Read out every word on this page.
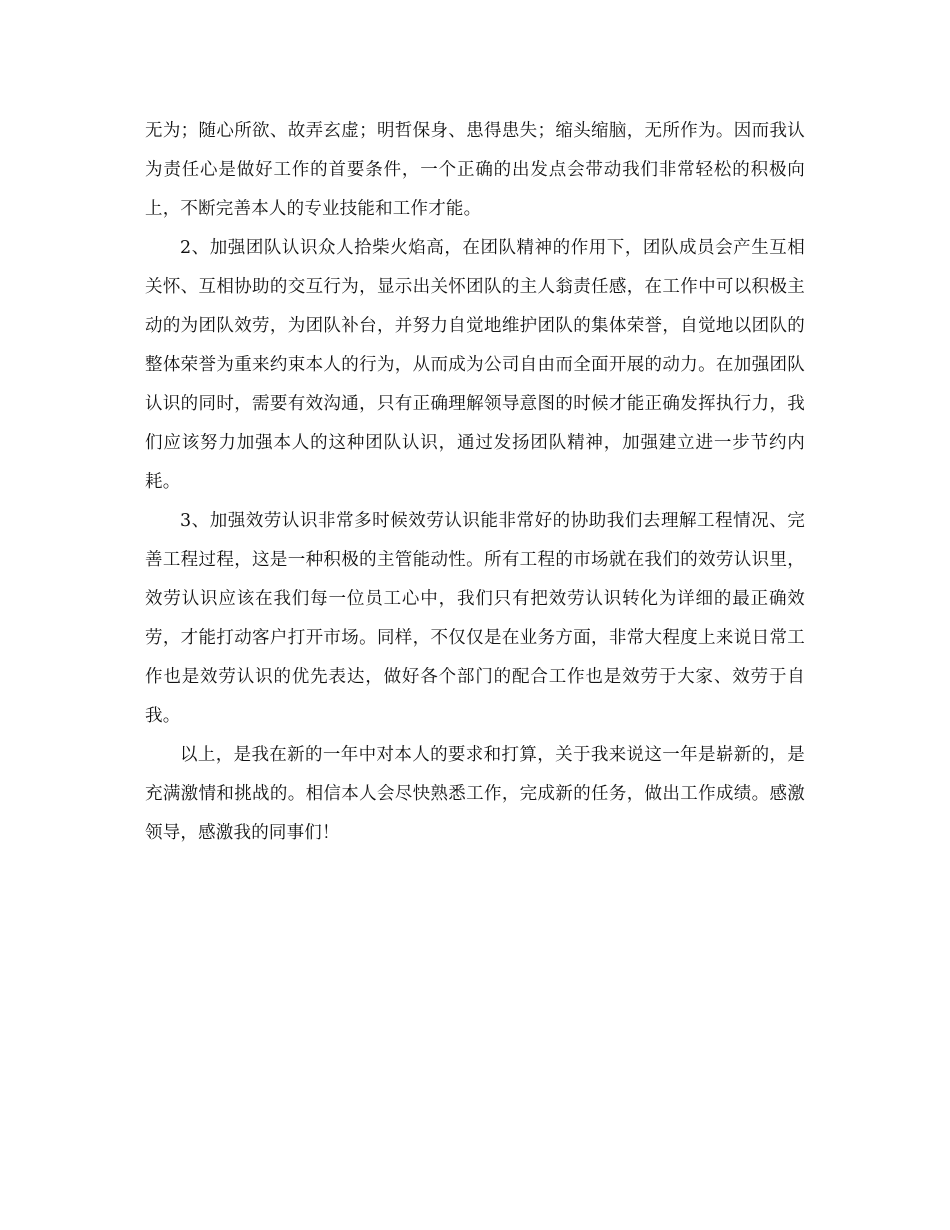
无为；随心所欲、故弄玄虚；明哲保身、患得患失；缩头缩脑，无所作为。因而我认为责任心是做好工作的首要条件，一个正确的出发点会带动我们非常轻松的积极向上，不断完善本人的专业技能和工作才能。

2、加强团队认识众人拾柴火焰高，在团队精神的作用下，团队成员会产生互相关怀、互相协助的交互行为，显示出关怀团队的主人翁责任感，在工作中可以积极主动的为团队效劳，为团队补台，并努力自觉地维护团队的集体荣誉，自觉地以团队的整体荣誉为重来约束本人的行为，从而成为公司自由而全面开展的动力。在加强团队认识的同时，需要有效沟通，只有正确理解领导意图的时候才能正确发挥执行力，我们应该努力加强本人的这种团队认识，通过发扬团队精神，加强建立进一步节约内耗。

3、加强效劳认识非常多时候效劳认识能非常好的协助我们去理解工程情况、完善工程过程，这是一种积极的主管能动性。所有工程的市场就在我们的效劳认识里，效劳认识应该在我们每一位员工心中，我们只有把效劳认识转化为详细的最正确效劳，才能打动客户打开市场。同样，不仅仅是在业务方面，非常大程度上来说日常工作也是效劳认识的优先表达，做好各个部门的配合工作也是效劳于大家、效劳于自我。

以上，是我在新的一年中对本人的要求和打算，关于我来说这一年是崭新的，是充满激情和挑战的。相信本人会尽快熟悉工作，完成新的任务，做出工作成绩。感激领导，感激我的同事们！
